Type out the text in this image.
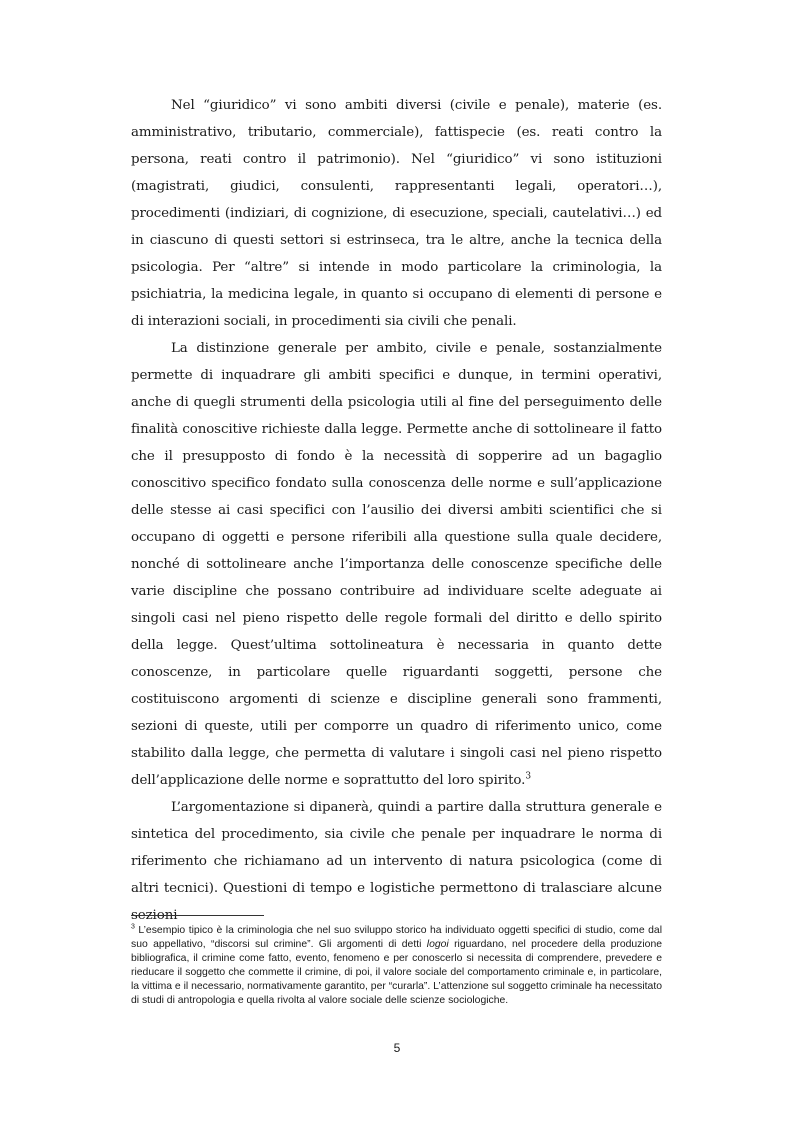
Nel “giuridico” vi sono ambiti diversi (civile e penale), materie (es. amministrativo, tributario, commerciale), fattispecie (es. reati contro la persona, reati contro il patrimonio). Nel “giuridico” vi sono istituzioni (magistrati, giudici, consulenti, rappresentanti legali, operatori…), procedimenti (indiziari, di cognizione, di esecuzione, speciali, cautelativi…) ed in ciascuno di questi settori si estrinseca, tra le altre, anche la tecnica della psicologia. Per “altre” si intende in modo particolare la criminologia, la psichiatria, la medicina legale, in quanto si occupano di elementi di persone e di interazioni sociali, in procedimenti sia civili che penali.

La distinzione generale per ambito, civile e penale, sostanzialmente permette di inquadrare gli ambiti specifici e dunque, in termini operativi, anche di quegli strumenti della psicologia utili al fine del perseguimento delle finalità conoscitive richieste dalla legge. Permette anche di sottolineare il fatto che il presupposto di fondo è la necessità di sopperire ad un bagaglio conoscitivo specifico fondato sulla conoscenza delle norme e sull’applicazione delle stesse ai casi specifici con l’ausilio dei diversi ambiti scientifici che si occupano di oggetti e persone riferibili alla questione sulla quale decidere, nonché di sottolineare anche l’importanza delle conoscenze specifiche delle varie discipline che possano contribuire ad individuare scelte adeguate ai singoli casi nel pieno rispetto delle regole formali del diritto e dello spirito della legge. Quest’ultima sottolineatura è necessaria in quanto dette conoscenze, in particolare quelle riguardanti soggetti, persone che costituiscono argomenti di scienze e discipline generali sono frammenti, sezioni di queste, utili per comporre un quadro di riferimento unico, come stabilito dalla legge, che permetta di valutare i singoli casi nel pieno rispetto dell’applicazione delle norme e soprattutto del loro spirito.$^3$

L’argomentazione si dipanerà, quindi a partire dalla struttura generale e sintetica del procedimento, sia civile che penale per inquadrare le norma di riferimento che richiamano ad un intervento di natura psicologica (come di altri tecnici). Questioni di tempo e logistiche permettono di tralasciare alcune sezioni

$^3$ L’esempio tipico è la criminologia che nel suo sviluppo storico ha individuato oggetti specifici di studio, come dal suo appellativo, “discorsi sul crimine”. Gli argomenti di detti logoi riguardano, nel procedere della produzione bibliografica, il crimine come fatto, evento, fenomeno e per conoscerlo si necessita di comprendere, prevedere e rieducare il soggetto che commette il crimine, di poi, il valore sociale del comportamento criminale e, in particolare, la vittima e il necessario, normativamente garantito, per “curarla”. L’attenzione sul soggetto criminale ha necessitato di studi di antropologia e quella rivolta al valore sociale delle scienze sociologiche.

5
